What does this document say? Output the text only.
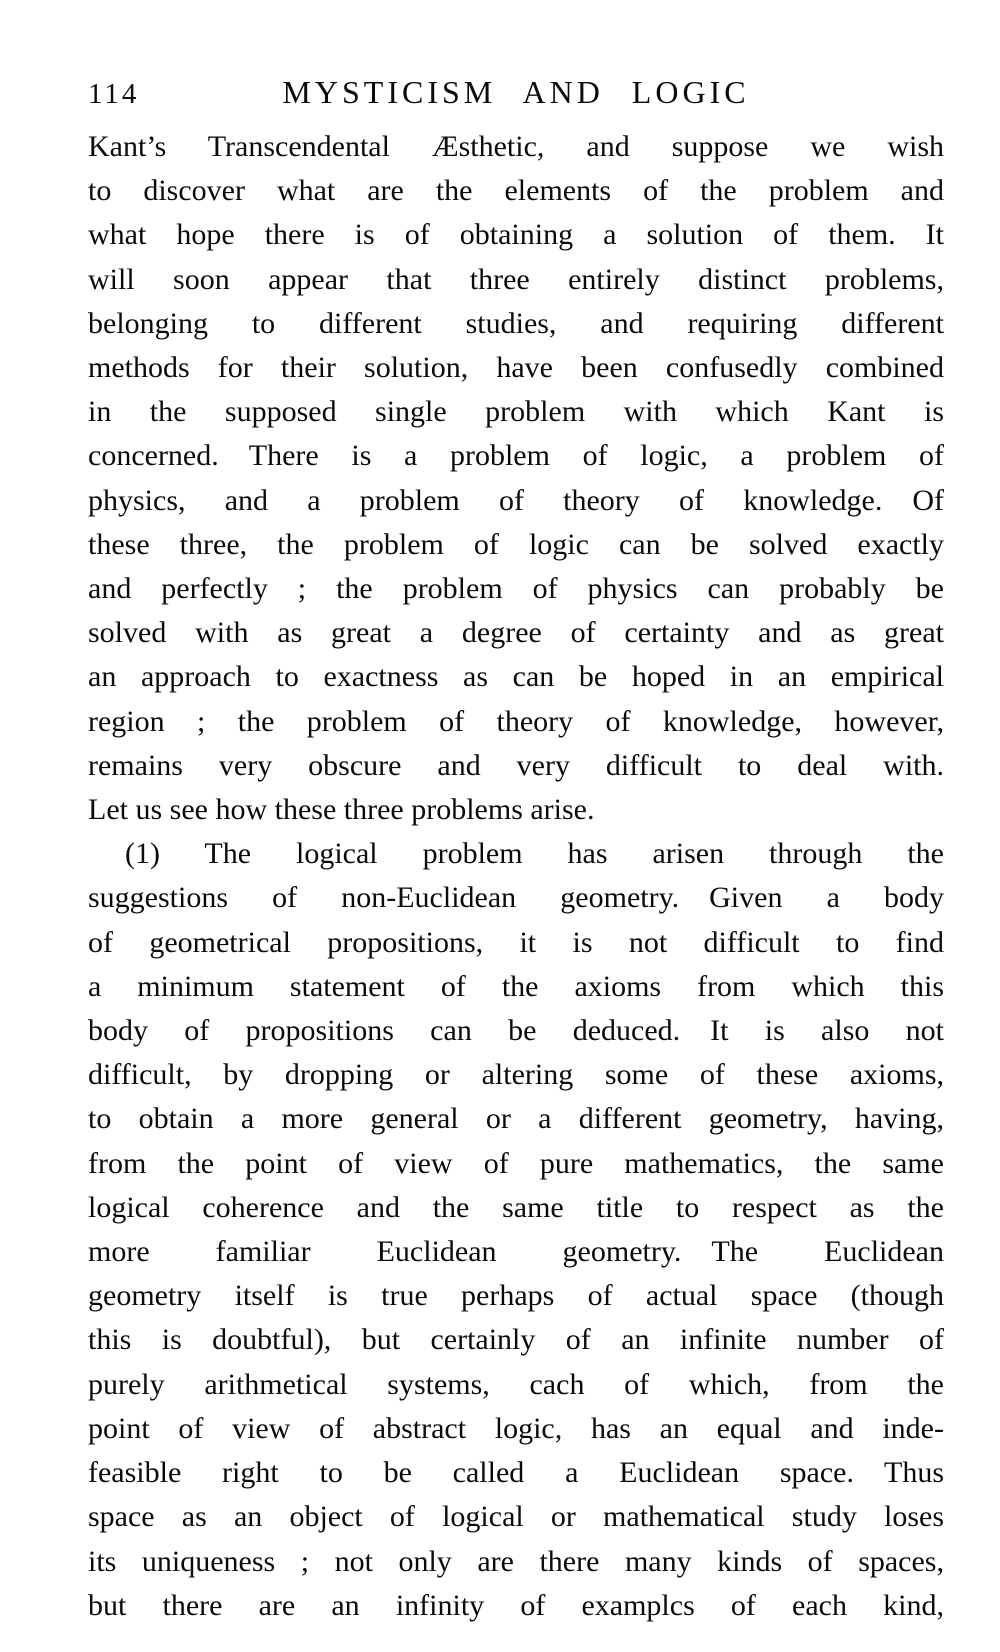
114	MYSTICISM AND LOGIC
Kant’s Transcendental Æsthetic, and suppose we wish
to discover what are the elements of the problem and
what hope there is of obtaining a solution of them. It
will soon appear that three entirely distinct problems,
belonging to different studies, and requiring different
methods for their solution, have been confusedly combined
in the supposed single problem with which Kant is
concerned. There is a problem of logic, a problem of
physics, and a problem of theory of knowledge. Of
these three, the problem of logic can be solved exactly
and perfectly ; the problem of physics can probably be
solved with as great a degree of certainty and as great
an approach to exactness as can be hoped in an empirical
region ; the problem of theory of knowledge, however,
remains very obscure and very difficult to deal with.
Let us see how these three problems arise.
(1) The logical problem has arisen through the
suggestions of non-Euclidean geometry. Given a body
of geometrical propositions, it is not difficult to find
a minimum statement of the axioms from which this
body of propositions can be deduced. It is also not
difficult, by dropping or altering some of these axioms,
to obtain a more general or a different geometry, having,
from the point of view of pure mathematics, the same
logical coherence and the same title to respect as the
more familiar Euclidean geometry. The Euclidean
geometry itself is true perhaps of actual space (though
this is doubtful), but certainly of an infinite number of
purely arithmetical systems, cach of which, from the
point of view of abstract logic, has an equal and inde-
feasible right to be called a Euclidean space. Thus
space as an object of logical or mathematical study loses
its uniqueness ; not only are there many kinds of spaces,
but there are an infinity of examplcs of each kind,
